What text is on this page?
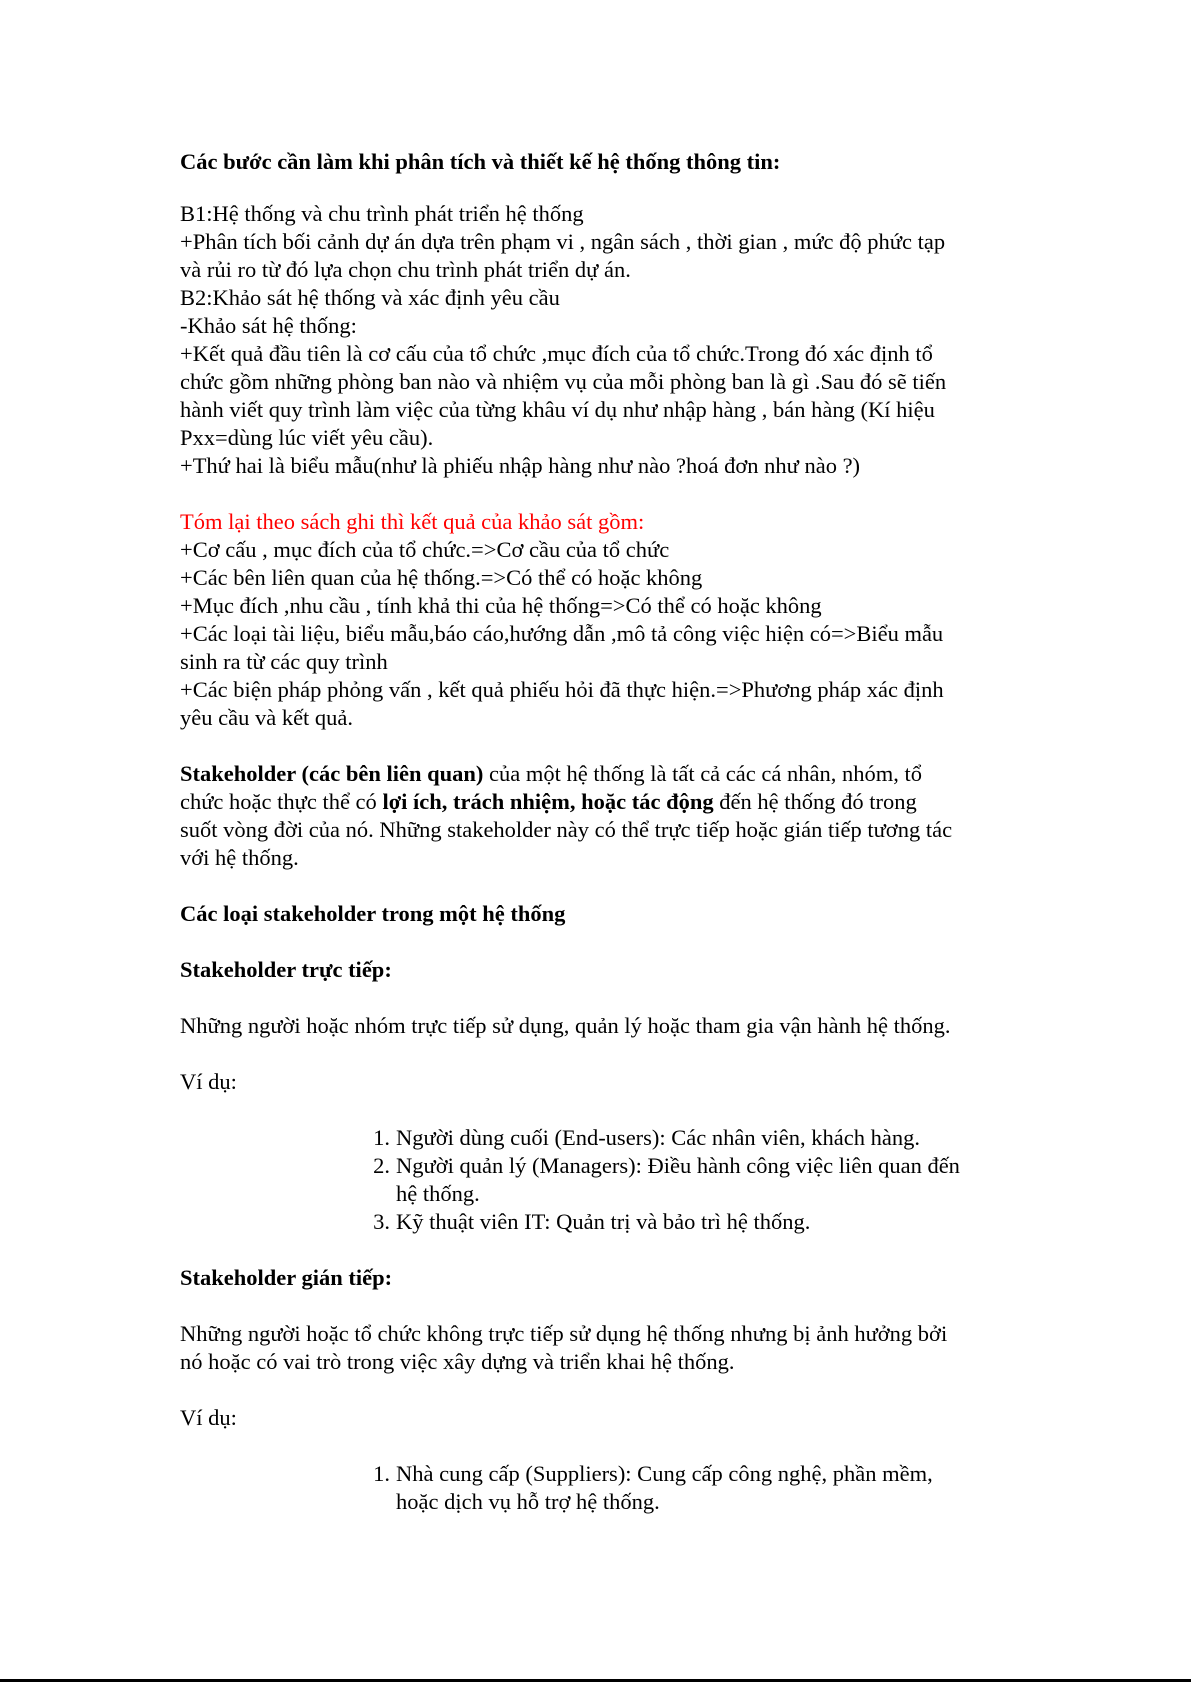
Các bước cần làm khi phân tích và thiết kế hệ thống thông tin:
B1:Hệ thống và chu trình phát triển hệ thống
+Phân tích bối cảnh dự án dựa trên phạm vi , ngân sách , thời gian , mức độ phức tạp
và rủi ro từ đó lựa chọn chu trình phát triển dự án.
B2:Khảo sát hệ thống và xác định yêu cầu
-Khảo sát hệ thống:
+Kết quả đầu tiên là cơ cấu của tổ chức ,mục đích của tổ chức.Trong đó xác định tổ
chức gồm những phòng ban nào và nhiệm vụ của mỗi phòng ban là gì .Sau đó sẽ tiến
hành viết quy trình làm việc của từng khâu ví dụ như nhập hàng , bán hàng (Kí hiệu
Pxx=dùng lúc viết yêu cầu).
+Thứ hai là biểu mẫu(như là phiếu nhập hàng như nào ?hoá đơn như nào ?)
Tóm lại theo sách ghi thì kết quả của khảo sát gồm:
+Cơ cấu , mục đích của tổ chức.=>Cơ cầu của tổ chức
+Các bên liên quan của hệ thống.=>Có thể có hoặc không
+Mục đích ,nhu cầu , tính khả thi của hệ thống=>Có thể có hoặc không
+Các loại tài liệu, biểu mẫu,báo cáo,hướng dẫn ,mô tả công việc hiện có=>Biểu mẫu
sinh ra từ các quy trình
+Các biện pháp phỏng vấn , kết quả phiếu hỏi đã thực hiện.=>Phương pháp xác định
yêu cầu và kết quả.
Stakeholder (các bên liên quan) của một hệ thống là tất cả các cá nhân, nhóm, tổ
chức hoặc thực thể có lợi ích, trách nhiệm, hoặc tác động đến hệ thống đó trong
suốt vòng đời của nó. Những stakeholder này có thể trực tiếp hoặc gián tiếp tương tác
với hệ thống.
Các loại stakeholder trong một hệ thống
Stakeholder trực tiếp:
Những người hoặc nhóm trực tiếp sử dụng, quản lý hoặc tham gia vận hành hệ thống.
Ví dụ:
1. Người dùng cuối (End-users): Các nhân viên, khách hàng.
2. Người quản lý (Managers): Điều hành công việc liên quan đến
hệ thống.
3. Kỹ thuật viên IT: Quản trị và bảo trì hệ thống.
Stakeholder gián tiếp:
Những người hoặc tổ chức không trực tiếp sử dụng hệ thống nhưng bị ảnh hưởng bởi
nó hoặc có vai trò trong việc xây dựng và triển khai hệ thống.
Ví dụ:
1. Nhà cung cấp (Suppliers): Cung cấp công nghệ, phần mềm,
hoặc dịch vụ hỗ trợ hệ thống.
